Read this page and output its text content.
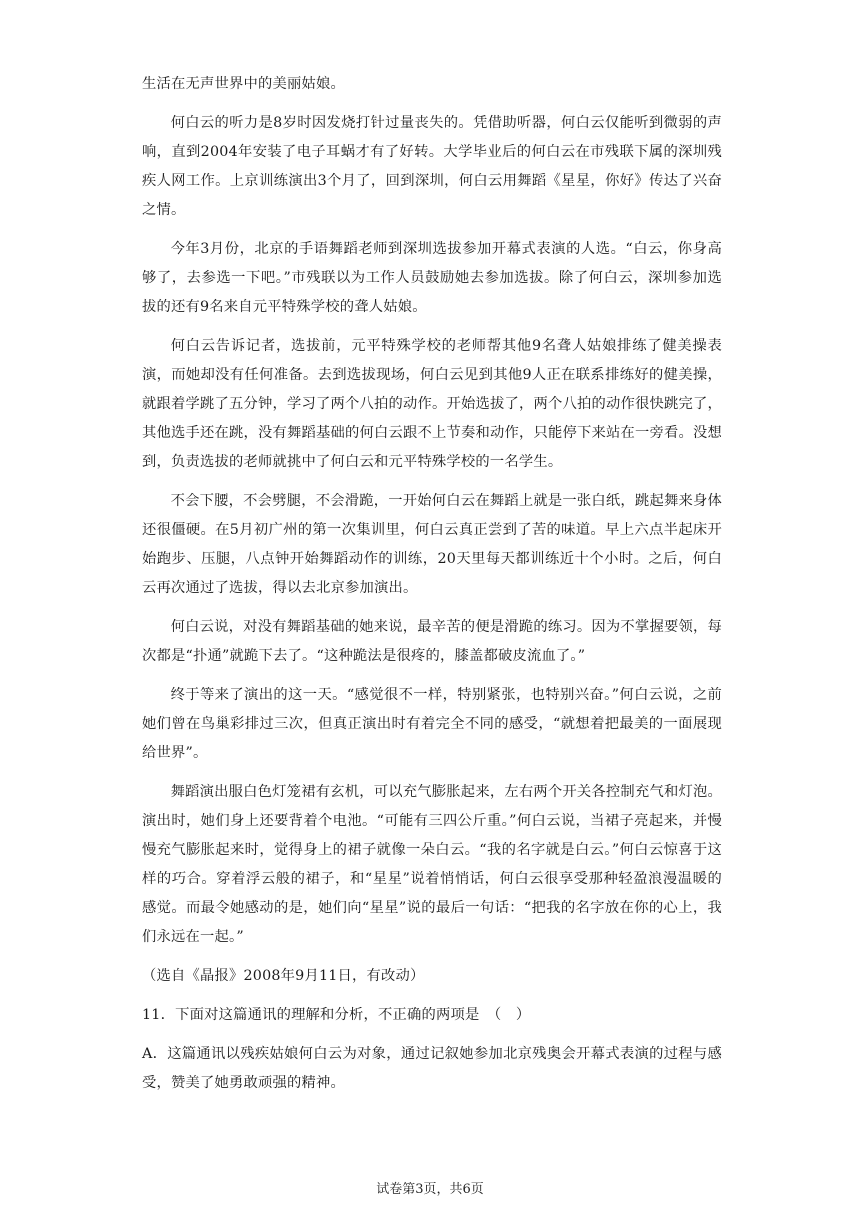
生活在无声世界中的美丽姑娘。

何白云的听力是8岁时因发烧打针过量丧失的。凭借助听器，何白云仅能听到微弱的声响，直到2004年安装了电子耳蜗才有了好转。大学毕业后的何白云在市残联下属的深圳残疾人网工作。上京训练演出3个月了，回到深圳，何白云用舞蹈《星星，你好》传达了兴奋之情。

今年3月份，北京的手语舞蹈老师到深圳选拔参加开幕式表演的人选。“白云，你身高够了，去参选一下吧。”市残联以为工作人员鼓励她去参加选拔。除了何白云，深圳参加选拔的还有9名来自元平特殊学校的聋人姑娘。

何白云告诉记者，选拔前，元平特殊学校的老师帮其他9名聋人姑娘排练了健美操表演，而她却没有任何准备。去到选拔现场，何白云见到其他9人正在联系排练好的健美操，就跟着学跳了五分钟，学习了两个八拍的动作。开始选拔了，两个八拍的动作很快跳完了，其他选手还在跳，没有舞蹈基础的何白云跟不上节奏和动作，只能停下来站在一旁看。没想到，负责选拔的老师就挑中了何白云和元平特殊学校的一名学生。

不会下腰，不会劈腿，不会滑跪，一开始何白云在舞蹈上就是一张白纸，跳起舞来身体还很僵硬。在5月初广州的第一次集训里，何白云真正尝到了苦的味道。早上六点半起床开始跑步、压腿，八点钟开始舞蹈动作的训练，20天里每天都训练近十个小时。之后，何白云再次通过了选拔，得以去北京参加演出。

何白云说，对没有舞蹈基础的她来说，最辛苦的便是滑跪的练习。因为不掌握要领，每次都是“扑通”就跪下去了。“这种跪法是很疼的，膝盖都破皮流血了。”

终于等来了演出的这一天。“感觉很不一样，特别紧张，也特别兴奋。”何白云说，之前她们曾在鸟巢彩排过三次，但真正演出时有着完全不同的感受，“就想着把最美的一面展现给世界”。

舞蹈演出服白色灯笼裙有玄机，可以充气膨胀起来，左右两个开关各控制充气和灯泡。演出时，她们身上还要背着个电池。“可能有三四公斤重。”何白云说，当裙子亮起来，并慢慢充气膨胀起来时，觉得身上的裙子就像一朵白云。“我的名字就是白云。”何白云惊喜于这样的巧合。穿着浮云般的裙子，和“星星”说着悄悄话，何白云很享受那种轻盈浪漫温暖的感觉。而最令她感动的是，她们向“星星”说的最后一句话：“把我的名字放在你的心上，我们永远在一起。”

（选自《晶报》2008年9月11日，有改动）

11．下面对这篇通讯的理解和分析，不正确的两项是　（　）

A．这篇通讯以残疾姑娘何白云为对象，通过记叙她参加北京残奥会开幕式表演的过程与感受，赞美了她勇敢顽强的精神。

试卷第3页，共6页
